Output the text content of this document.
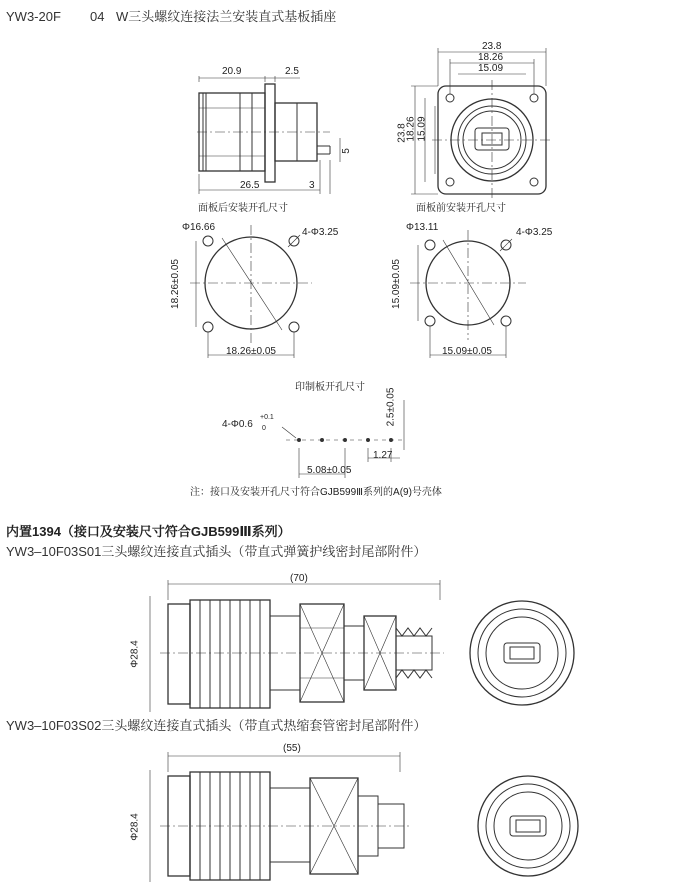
YW3-20F 04 W三头螺纹连接法兰安装直式基板插座
20.9	2.5
26.5	3
5
23.8
18.26
15.09
23.8
18.26 15.09
面板后安装开孔尺寸
Φ16.66	4-Φ3.25
18.26±0.05
18.26±0.05
面板前安装开孔尺寸
Φ13.11	4-Φ3.25
15.09±0.05
15.09±0.05
印制板开孔尺寸
4-Φ0.6
+0.1
0
2.5±0.05
1.27
5.08±0.05
注：接口及安装开孔尺寸符合GJB599Ⅲ系列的A(9)号壳体
内置1394（接口及安装尺寸符合GJB599Ⅲ系列）
YW3–10F03S01三头螺纹连接直式插头（带直式弹簧护线密封尾部附件）
(70)
Φ28.4
YW3–10F03S02三头螺纹连接直式插头（带直式热缩套管密封尾部附件）
(55)
Φ28.4
